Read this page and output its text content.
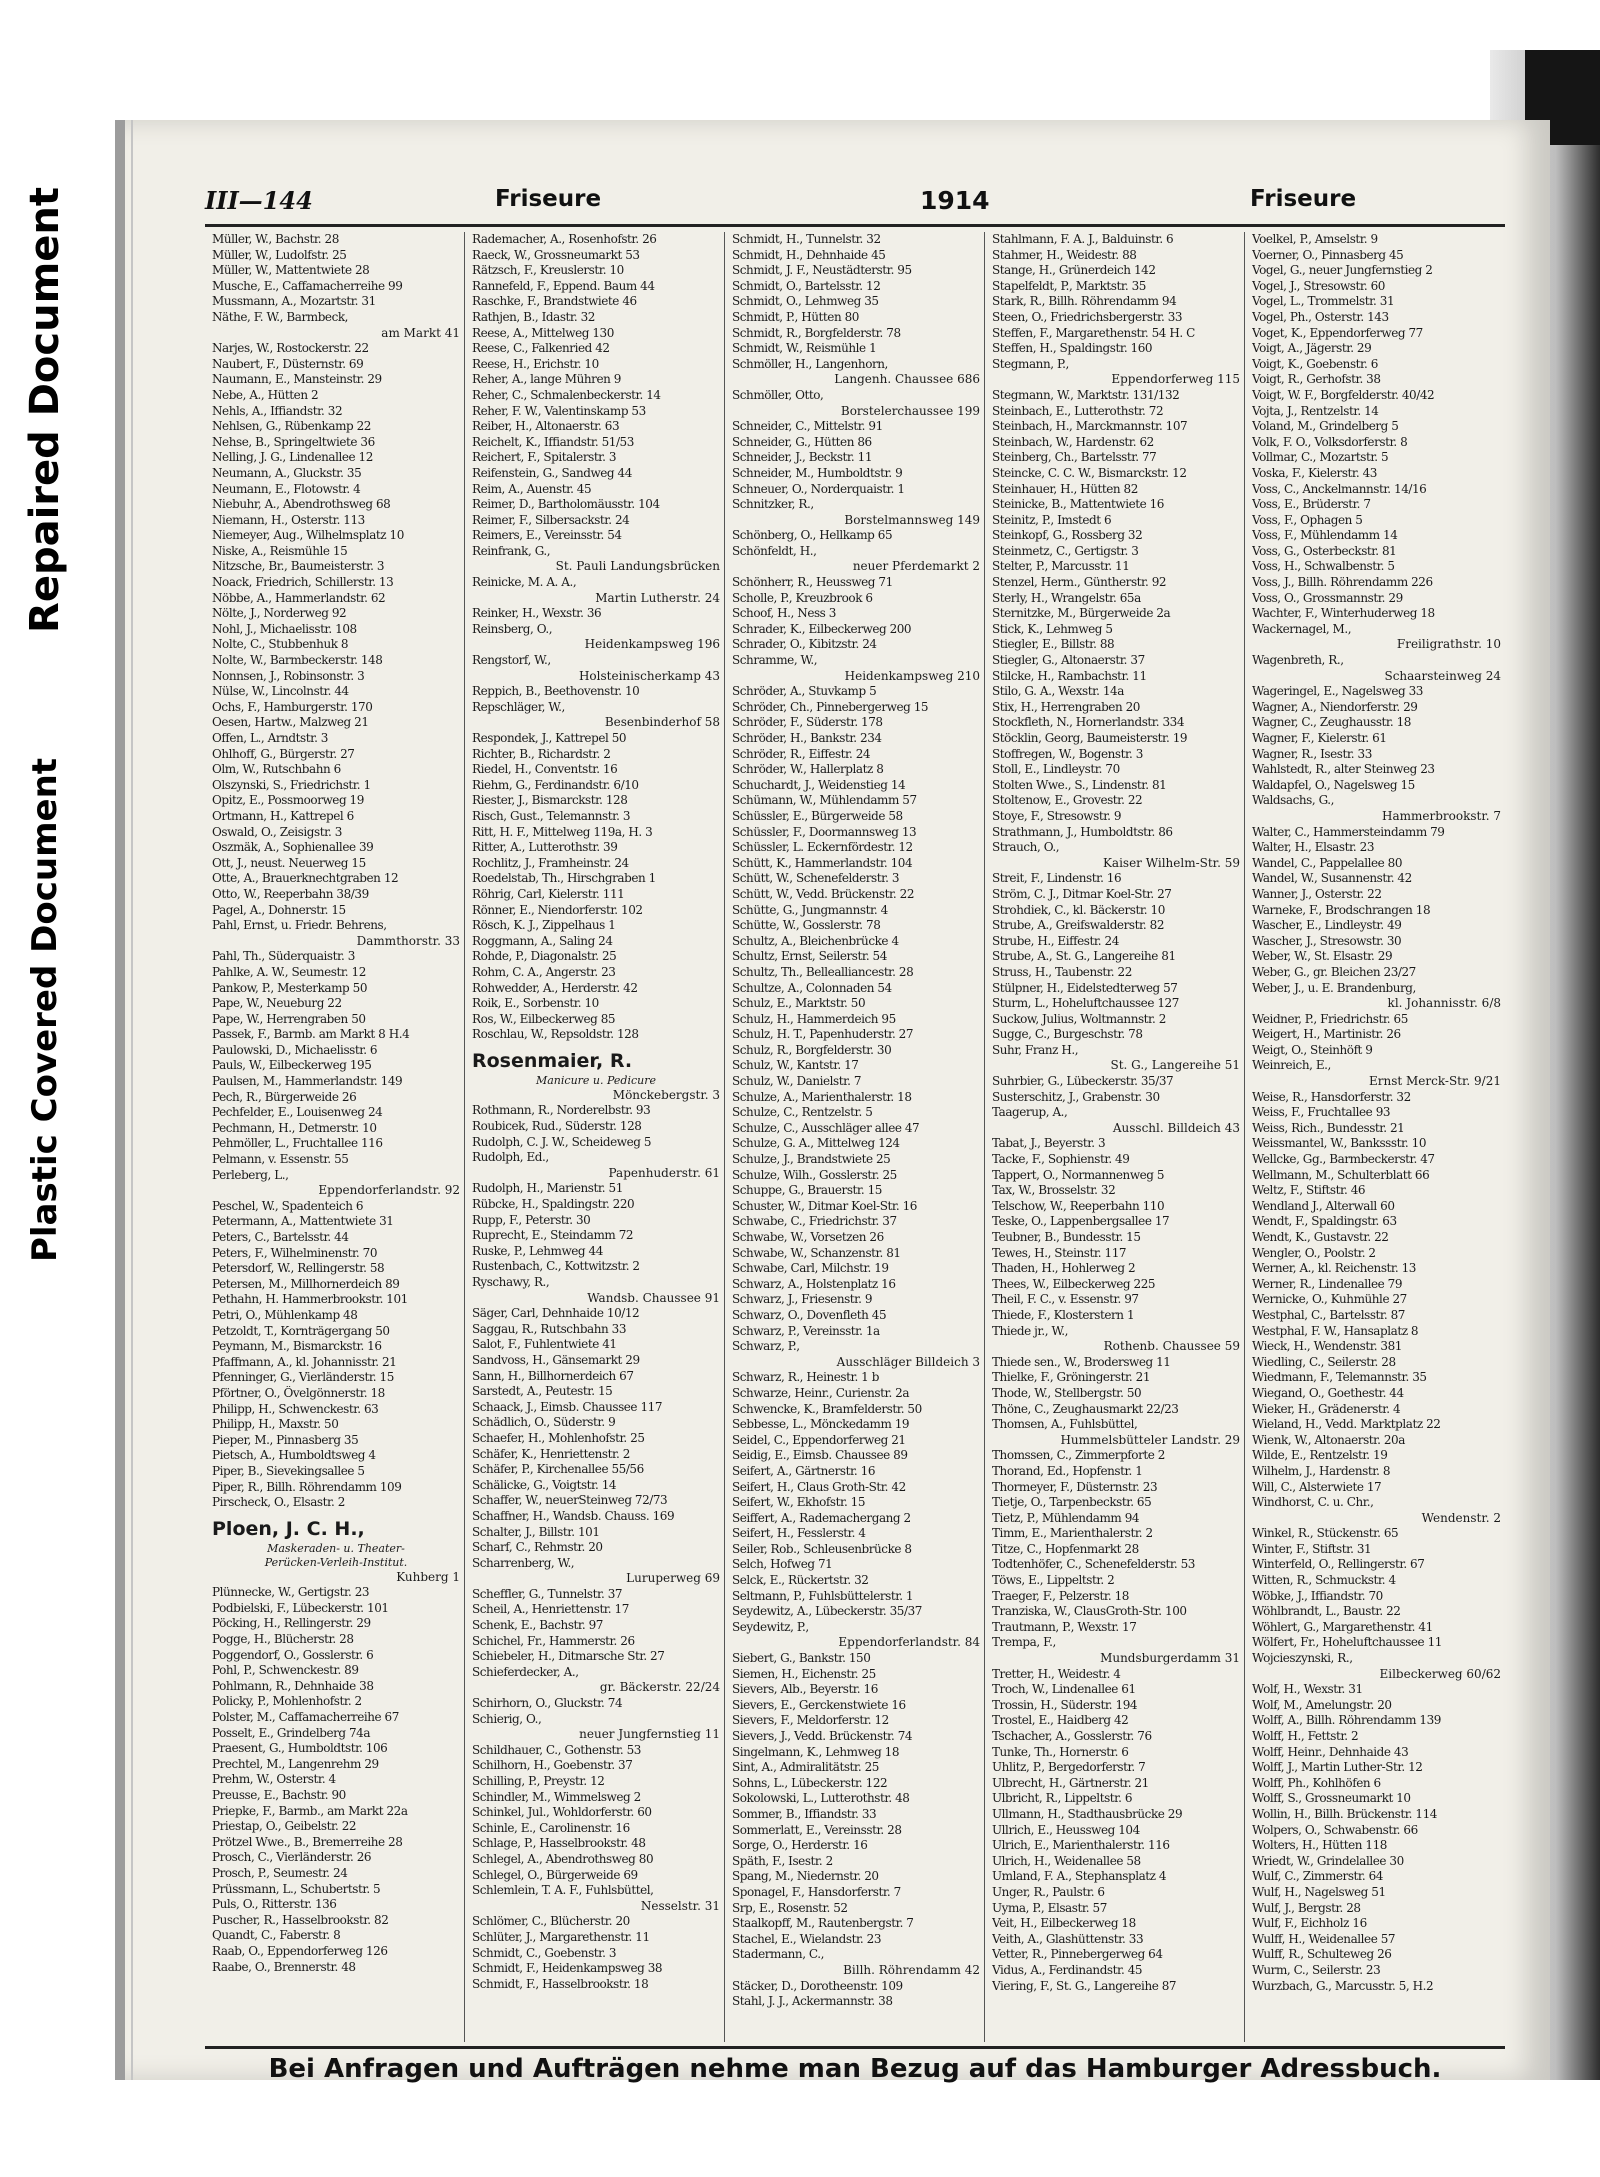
Repaired Document
Plastic Covered Document
III—144	Friseure	1914	Friseure
Müller, W., Bachstr. 28
Müller, W., Ludolfstr. 25
Müller, W., Mattentwiete 28
Musche, E., Caffamacherreihe 99
Mussmann, A., Mozartstr. 31
Näthe, F. W., Barmbeck,
am Markt 41
Narjes, W., Rostockerstr. 22
Naubert, F., Düsternstr. 69
Naumann, E., Mansteinstr. 29
Nebe, A., Hütten 2
Nehls, A., Iffiandstr. 32
Nehlsen, G., Rübenkamp 22
Nehse, B., Springeltwiete 36
Nelling, J. G., Lindenallee 12
Neumann, A., Gluckstr. 35
Neumann, E., Flotowstr. 4
Niebuhr, A., Abendrothsweg 68
Niemann, H., Osterstr. 113
Niemeyer, Aug., Wilhelmsplatz 10
Niske, A., Reismühle 15
Nitzsche, Br., Baumeisterstr. 3
Noack, Friedrich, Schillerstr. 13
Nöbbe, A., Hammerlandstr. 62
Nölte, J., Norderweg 92
Nohl, J., Michaelisstr. 108
Nolte, C., Stubbenhuk 8
Nolte, W., Barmbeckerstr. 148
Nonnsen, J., Robinsonstr. 3
Nülse, W., Lincolnstr. 44
Ochs, F., Hamburgerstr. 170
Oesen, Hartw., Malzweg 21
Offen, L., Arndtstr. 3
Ohlhoff, G., Bürgerstr. 27
Olm, W., Rutschbahn 6
Olszynski, S., Friedrichstr. 1
Opitz, E., Possmoorweg 19
Ortmann, H., Kattrepel 6
Oswald, O., Zeisigstr. 3
Oszmäk, A., Sophienallee 39
Ott, J., neust. Neuerweg 15
Otte, A., Brauerknechtgraben 12
Otto, W., Reeperbahn 38/39
Pagel, A., Dohnerstr. 15
Pahl, Ernst, u. Friedr. Behrens,
Dammthorstr. 33
Pahl, Th., Süderquaistr. 3
Pahlke, A. W., Seumestr. 12
Pankow, P., Mesterkamp 50
Pape, W., Neueburg 22
Pape, W., Herrengraben 50
Passek, F., Barmb. am Markt 8 H.4
Paulowski, D., Michaelisstr. 6
Pauls, W., Eilbeckerweg 195
Paulsen, M., Hammerlandstr. 149
Pech, R., Bürgerweide 26
Pechfelder, E., Louisenweg 24
Pechmann, H., Detmerstr. 10
Pehmöller, L., Fruchtallee 116
Pelmann, v. Essenstr. 55
Perleberg, L.,
Eppendorferlandstr. 92
Peschel, W., Spadenteich 6
Petermann, A., Mattentwiete 31
Peters, C., Bartelsstr. 44
Peters, F., Wilhelminenstr. 70
Petersdorf, W., Rellingerstr. 58
Petersen, M., Millhornerdeich 89
Pethahn, H. Hammerbrookstr. 101
Petri, O., Mühlenkamp 48
Petzoldt, T., Kornträgergang 50
Peymann, M., Bismarckstr. 16
Pfaffmann, A., kl. Johannisstr. 21
Pfenninger, G., Vierländerstr. 15
Pförtner, O., Övelgönnerstr. 18
Philipp, H., Schwenckestr. 63
Philipp, H., Maxstr. 50
Pieper, M., Pinnasberg 35
Pietsch, A., Humboldtsweg 4
Piper, B., Sievekingsallee 5
Piper, R., Billh. Röhrendamm 109
Pirscheck, O., Elsastr. 2
Ploen, J. C. H.,
Maskeraden- u. Theater-
Perücken-Verleih-Institut.
Kuhberg 1
Plünnecke, W., Gertigstr. 23
Podbielski, F., Lübeckerstr. 101
Pöcking, H., Rellingerstr. 29
Pogge, H., Blücherstr. 28
Poggendorf, O., Gosslerstr. 6
Pohl, P., Schwenckestr. 89
Pohlmann, R., Dehnhaide 38
Policky, P., Mohlenhofstr. 2
Polster, M., Caffamacherreihe 67
Posselt, E., Grindelberg 74a
Praesent, G., Humboldtstr. 106
Prechtel, M., Langenrehm 29
Prehm, W., Osterstr. 4
Preusse, E., Bachstr. 90
Priepke, F., Barmb., am Markt 22a
Priestap, O., Geibelstr. 22
Prötzel Wwe., B., Bremerreihe 28
Prosch, C., Vierländerstr. 26
Prosch, P., Seumestr. 24
Prüssmann, L., Schubertstr. 5
Puls, O., Ritterstr. 136
Puscher, R., Hasselbrookstr. 82
Quandt, C., Faberstr. 8
Raab, O., Eppendorferweg 126
Raabe, O., Brennerstr. 48
Rademacher, A., Rosenhofstr. 26
Raeck, W., Grossneumarkt 53
Rätzsch, F., Kreuslerstr. 10
Rannefeld, F., Eppend. Baum 44
Raschke, F., Brandstwiete 46
Rathjen, B., Idastr. 32
Reese, A., Mittelweg 130
Reese, C., Falkenried 42
Reese, H., Erichstr. 10
Reher, A., lange Mühren 9
Reher, C., Schmalenbeckerstr. 14
Reher, F. W., Valentinskamp 53
Reiber, H., Altonaerstr. 63
Reichelt, K., Iffiandstr. 51/53
Reichert, F., Spitalerstr. 3
Reifenstein, G., Sandweg 44
Reim, A., Auenstr. 45
Reimer, D., Bartholomäusstr. 104
Reimer, F., Silbersackstr. 24
Reimers, E., Vereinsstr. 54
Reinfrank, G.,
St. Pauli Landungsbrücken
Reinicke, M. A. A.,
Martin Lutherstr. 24
Reinker, H., Wexstr. 36
Reinsberg, O.,
Heidenkampsweg 196
Rengstorf, W.,
Holsteinischerkamp 43
Reppich, B., Beethovenstr. 10
Repschläger, W.,
Besenbinderhof 58
Respondek, J., Kattrepel 50
Richter, B., Richardstr. 2
Riedel, H., Conventstr. 16
Riehm, G., Ferdinandstr. 6/10
Riester, J., Bismarckstr. 128
Risch, Gust., Telemannstr. 3
Ritt, H. F., Mittelweg 119a, H. 3
Ritter, A., Lutterothstr. 39
Rochlitz, J., Framheinstr. 24
Roedelstab, Th., Hirschgraben 1
Röhrig, Carl, Kielerstr. 111
Rönner, E., Niendorferstr. 102
Rösch, K. J., Zippelhaus 1
Roggmann, A., Saling 24
Rohde, P., Diagonalstr. 25
Rohm, C. A., Angerstr. 23
Rohwedder, A., Herderstr. 42
Roik, E., Sorbenstr. 10
Ros, W., Eilbeckerweg 85
Roschlau, W., Repsoldstr. 128
Rosenmaier, R.
Manicure u. Pedicure
Mönckebergstr. 3
Rothmann, R., Norderelbstr. 93
Roubicek, Rud., Süderstr. 128
Rudolph, C. J. W., Scheideweg 5
Rudolph, Ed.,
Papenhuderstr. 61
Rudolph, H., Marienstr. 51
Rübcke, H., Spaldingstr. 220
Rupp, F., Peterstr. 30
Ruprecht, E., Steindamm 72
Ruske, P., Lehmweg 44
Rustenbach, C., Kottwitzstr. 2
Ryschawy, R.,
Wandsb. Chaussee 91
Säger, Carl, Dehnhaide 10/12
Saggau, R., Rutschbahn 33
Salot, F., Fuhlentwiete 41
Sandvoss, H., Gänsemarkt 29
Sann, H., Billhornerdeich 67
Sarstedt, A., Peutestr. 15
Schaack, J., Eimsb. Chaussee 117
Schädlich, O., Süderstr. 9
Schaefer, H., Mohlenhofstr. 25
Schäfer, K., Henriettenstr. 2
Schäfer, P., Kirchenallee 55/56
Schälicke, G., Voigtstr. 14
Schaffer, W., neuerSteinweg 72/73
Schaffner, H., Wandsb. Chauss. 169
Schalter, J., Billstr. 101
Scharf, C., Rehmstr. 20
Scharrenberg, W.,
Luruperweg 69
Scheffler, G., Tunnelstr. 37
Scheil, A., Henriettenstr. 17
Schenk, E., Bachstr. 97
Schichel, Fr., Hammerstr. 26
Schiebeler, H., Ditmarsche Str. 27
Schieferdecker, A.,
gr. Bäckerstr. 22/24
Schirhorn, O., Gluckstr. 74
Schierig, O.,
neuer Jungfernstieg 11
Schildhauer, C., Gothenstr. 53
Schilhorn, H., Goebenstr. 37
Schilling, P., Preystr. 12
Schindler, M., Wimmelsweg 2
Schinkel, Jul., Wohldorferstr. 60
Schinle, E., Carolinenstr. 16
Schlage, P., Hasselbrookstr. 48
Schlegel, A., Abendrothsweg 80
Schlegel, O., Bürgerweide 69
Schlemlein, T. A. F., Fuhlsbüttel,
Nesselstr. 31
Schlömer, C., Blücherstr. 20
Schlüter, J., Margarethenstr. 11
Schmidt, C., Goebenstr. 3
Schmidt, F., Heidenkampsweg 38
Schmidt, F., Hasselbrookstr. 18
Schmidt, H., Tunnelstr. 32
Schmidt, H., Dehnhaide 45
Schmidt, J. F., Neustädterstr. 95
Schmidt, O., Bartelsstr. 12
Schmidt, O., Lehmweg 35
Schmidt, P., Hütten 80
Schmidt, R., Borgfelderstr. 78
Schmidt, W., Reismühle 1
Schmöller, H., Langenhorn,
Langenh. Chaussee 686
Schmöller, Otto,
Borstelerchaussee 199
Schneider, C., Mittelstr. 91
Schneider, G., Hütten 86
Schneider, J., Beckstr. 11
Schneider, M., Humboldtstr. 9
Schneuer, O., Norderquaistr. 1
Schnitzker, R.,
Borstelmannsweg 149
Schönberg, O., Hellkamp 65
Schönfeldt, H.,
neuer Pferdemarkt 2
Schönherr, R., Heussweg 71
Scholle, P., Kreuzbrook 6
Schoof, H., Ness 3
Schrader, K., Eilbeckerweg 200
Schrader, O., Kibitzstr. 24
Schramme, W.,
Heidenkampsweg 210
Schröder, A., Stuvkamp 5
Schröder, Ch., Pinnebergerweg 15
Schröder, F., Süderstr. 178
Schröder, H., Bankstr. 234
Schröder, R., Eiffestr. 24
Schröder, W., Hallerplatz 8
Schuchardt, J., Weidenstieg 14
Schümann, W., Mühlendamm 57
Schüssler, E., Bürgerweide 58
Schüssler, F., Doormannsweg 13
Schüssler, L. Eckernfördestr. 12
Schütt, K., Hammerlandstr. 104
Schütt, W., Schenefelderstr. 3
Schütt, W., Vedd. Brückenstr. 22
Schütte, G., Jungmannstr. 4
Schütte, W., Gosslerstr. 78
Schultz, A., Bleichenbrücke 4
Schultz, Ernst, Seilerstr. 54
Schultz, Th., Bellealliancestr. 28
Schultze, A., Colonnaden 54
Schulz, E., Marktstr. 50
Schulz, H., Hammerdeich 95
Schulz, H. T., Papenhuderstr. 27
Schulz, R., Borgfelderstr. 30
Schulz, W., Kantstr. 17
Schulz, W., Danielstr. 7
Schulze, A., Marienthalerstr. 18
Schulze, C., Rentzelstr. 5
Schulze, C., Ausschläger allee 47
Schulze, G. A., Mittelweg 124
Schulze, J., Brandstwiete 25
Schulze, Wilh., Gosslerstr. 25
Schuppe, G., Brauerstr. 15
Schuster, W., Ditmar Koel-Str. 16
Schwabe, C., Friedrichstr. 37
Schwabe, W., Vorsetzen 26
Schwabe, W., Schanzenstr. 81
Schwabe, Carl, Milchstr. 19
Schwarz, A., Holstenplatz 16
Schwarz, J., Friesenstr. 9
Schwarz, O., Dovenfleth 45
Schwarz, P., Vereinsstr. 1a
Schwarz, P.,
Ausschläger Billdeich 3
Schwarz, R., Heinestr. 1 b
Schwarze, Heinr., Curienstr. 2a
Schwencke, K., Bramfelderstr. 50
Sebbesse, L., Mönckedamm 19
Seidel, C., Eppendorferweg 21
Seidig, E., Eimsb. Chaussee 89
Seifert, A., Gärtnerstr. 16
Seifert, H., Claus Groth-Str. 42
Seifert, W., Ekhofstr. 15
Seiffert, A., Rademachergang 2
Seifert, H., Fesslerstr. 4
Seiler, Rob., Schleusenbrücke 8
Selch, Hofweg 71
Selck, E., Rückertstr. 32
Seltmann, P., Fuhlsbüttelerstr. 1
Seydewitz, A., Lübeckerstr. 35/37
Seydewitz, P.,
Eppendorferlandstr. 84
Siebert, G., Bankstr. 150
Siemen, H., Eichenstr. 25
Sievers, Alb., Beyerstr. 16
Sievers, E., Gerckenstwiete 16
Sievers, F., Meldorferstr. 12
Sievers, J., Vedd. Brückenstr. 74
Singelmann, K., Lehmweg 18
Sint, A., Admiralitätstr. 25
Sohns, L., Lübeckerstr. 122
Sokolowski, L., Lutterothstr. 48
Sommer, B., Iffiandstr. 33
Sommerlatt, E., Vereinsstr. 28
Sorge, O., Herderstr. 16
Späth, F., Isestr. 2
Spang, M., Niedernstr. 20
Sponagel, F., Hansdorferstr. 7
Srp, E., Rosenstr. 52
Staalkopff, M., Rautenbergstr. 7
Stachel, E., Wielandstr. 23
Stadermann, C.,
Billh. Röhrendamm 42
Stäcker, D., Dorotheenstr. 109
Stahl, J. J., Ackermannstr. 38
Stahlmann, F. A. J., Balduinstr. 6
Stahmer, H., Weidestr. 88
Stange, H., Grünerdeich 142
Stapelfeldt, P., Marktstr. 35
Stark, R., Billh. Röhrendamm 94
Steen, O., Friedrichsbergerstr. 33
Steffen, F., Margarethenstr. 54 H. C
Steffen, H., Spaldingstr. 160
Stegmann, P.,
Eppendorferweg 115
Stegmann, W., Marktstr. 131/132
Steinbach, E., Lutterothstr. 72
Steinbach, H., Marckmannstr. 107
Steinbach, W., Hardenstr. 62
Steinberg, Ch., Bartelsstr. 77
Steincke, C. C. W., Bismarckstr. 12
Steinhauer, H., Hütten 82
Steinicke, B., Mattentwiete 16
Steinitz, P., Imstedt 6
Steinkopf, G., Rossberg 32
Steinmetz, C., Gertigstr. 3
Stelter, P., Marcusstr. 11
Stenzel, Herm., Güntherstr. 92
Sterly, H., Wrangelstr. 65a
Sternitzke, M., Bürgerweide 2a
Stick, K., Lehmweg 5
Stiegler, E., Billstr. 88
Stiegler, G., Altonaerstr. 37
Stilcke, H., Rambachstr. 11
Stilo, G. A., Wexstr. 14a
Stix, H., Herrengraben 20
Stockfleth, N., Hornerlandstr. 334
Stöcklin, Georg, Baumeisterstr. 19
Stoffregen, W., Bogenstr. 3
Stoll, E., Lindleystr. 70
Stolten Wwe., S., Lindenstr. 81
Stoltenow, E., Grovestr. 22
Stoye, F., Stresowstr. 9
Strathmann, J., Humboldtstr. 86
Strauch, O.,
Kaiser Wilhelm-Str. 59
Streit, F., Lindenstr. 16
Ström, C. J., Ditmar Koel-Str. 27
Strohdiek, C., kl. Bäckerstr. 10
Strube, A., Greifswalderstr. 82
Strube, H., Eiffestr. 24
Strube, A., St. G., Langereihe 81
Struss, H., Taubenstr. 22
Stülpner, H., Eidelstedterweg 57
Sturm, L., Hoheluftchaussee 127
Suckow, Julius, Woltmannstr. 2
Sugge, C., Burgeschstr. 78
Suhr, Franz H.,
St. G., Langereihe 51
Suhrbier, G., Lübeckerstr. 35/37
Susterschitz, J., Grabenstr. 30
Taagerup, A.,
Ausschl. Billdeich 43
Tabat, J., Beyerstr. 3
Tacke, F., Sophienstr. 49
Tappert, O., Normannenweg 5
Tax, W., Brosselstr. 32
Telschow, W., Reeperbahn 110
Teske, O., Lappenbergsallee 17
Teubner, B., Bundesstr. 15
Tewes, H., Steinstr. 117
Thaden, H., Hohlerweg 2
Thees, W., Eilbeckerweg 225
Theil, F. C., v. Essenstr. 97
Thiede, F., Klosterstern 1
Thiede jr., W.,
Rothenb. Chaussee 59
Thiede sen., W., Brodersweg 11
Thielke, F., Gröningerstr. 21
Thode, W., Stellbergstr. 50
Thöne, C., Zeughausmarkt 22/23
Thomsen, A., Fuhlsbüttel,
Hummelsbütteler Landstr. 29
Thomssen, C., Zimmerpforte 2
Thorand, Ed., Hopfenstr. 1
Thormeyer, F., Düsternstr. 23
Tietje, O., Tarpenbeckstr. 65
Tietz, P., Mühlendamm 94
Timm, E., Marienthalerstr. 2
Titze, C., Hopfenmarkt 28
Todtenhöfer, C., Schenefelderstr. 53
Töws, E., Lippeltstr. 2
Traeger, F., Pelzerstr. 18
Tranziska, W., ClausGroth-Str. 100
Trautmann, P., Wexstr. 17
Trempa, F.,
Mundsburgerdamm 31
Tretter, H., Weidestr. 4
Troch, W., Lindenallee 61
Trossin, H., Süderstr. 194
Trostel, E., Haidberg 42
Tschacher, A., Gosslerstr. 76
Tunke, Th., Hornerstr. 6
Uhlitz, P., Bergedorferstr. 7
Ulbrecht, H., Gärtnerstr. 21
Ulbricht, R., Lippeltstr. 6
Ullmann, H., Stadthausbrücke 29
Ullrich, E., Heussweg 104
Ulrich, E., Marienthalerstr. 116
Ulrich, H., Weidenallee 58
Umland, F. A., Stephansplatz 4
Unger, R., Paulstr. 6
Uyma, P., Elsastr. 57
Veit, H., Eilbeckerweg 18
Veith, A., Glashüttenstr. 33
Vetter, R., Pinnebergerweg 64
Vidus, A., Ferdinandstr. 45
Viering, F., St. G., Langereihe 87
Voelkel, P., Amselstr. 9
Voerner, O., Pinnasberg 45
Vogel, G., neuer Jungfernstieg 2
Vogel, J., Stresowstr. 60
Vogel, L., Trommelstr. 31
Vogel, Ph., Osterstr. 143
Voget, K., Eppendorferweg 77
Voigt, A., Jägerstr. 29
Voigt, K., Goebenstr. 6
Voigt, R., Gerhofstr. 38
Voigt, W. F., Borgfelderstr. 40/42
Vojta, J., Rentzelstr. 14
Voland, M., Grindelberg 5
Volk, F. O., Volksdorferstr. 8
Vollmar, C., Mozartstr. 5
Voska, F., Kielerstr. 43
Voss, C., Anckelmannstr. 14/16
Voss, E., Brüderstr. 7
Voss, F., Ophagen 5
Voss, F., Mühlendamm 14
Voss, G., Osterbeckstr. 81
Voss, H., Schwalbenstr. 5
Voss, J., Billh. Röhrendamm 226
Voss, O., Grossmannstr. 29
Wachter, F., Winterhuderweg 18
Wackernagel, M.,
Freiligrathstr. 10
Wagenbreth, R.,
Schaarsteinweg 24
Wageringel, E., Nagelsweg 33
Wagner, A., Niendorferstr. 29
Wagner, C., Zeughausstr. 18
Wagner, F., Kielerstr. 61
Wagner, R., Isestr. 33
Wahlstedt, R., alter Steinweg 23
Waldapfel, O., Nagelsweg 15
Waldsachs, G.,
Hammerbrookstr. 7
Walter, C., Hammersteindamm 79
Walter, H., Elsastr. 23
Wandel, C., Pappelallee 80
Wandel, W., Susannenstr. 42
Wanner, J., Osterstr. 22
Warneke, F., Brodschrangen 18
Wascher, E., Lindleystr. 49
Wascher, J., Stresowstr. 30
Weber, W., St. Elsastr. 29
Weber, G., gr. Bleichen 23/27
Weber, J., u. E. Brandenburg,
kl. Johannisstr. 6/8
Weidner, P., Friedrichstr. 65
Weigert, H., Martinistr. 26
Weigt, O., Steinhöft 9
Weinreich, E.,
Ernst Merck-Str. 9/21
Weise, R., Hansdorferstr. 32
Weiss, F., Fruchtallee 93
Weiss, Rich., Bundesstr. 21
Weissmantel, W., Bankssstr. 10
Wellcke, Gg., Barmbeckerstr. 47
Wellmann, M., Schulterblatt 66
Weltz, F., Stiftstr. 46
Wendland J., Alterwall 60
Wendt, F., Spaldingstr. 63
Wendt, K., Gustavstr. 22
Wengler, O., Poolstr. 2
Werner, A., kl. Reichenstr. 13
Werner, R., Lindenallee 79
Wernicke, O., Kuhmühle 27
Westphal, C., Bartelsstr. 87
Westphal, F. W., Hansaplatz 8
Wieck, H., Wendenstr. 381
Wiedling, C., Seilerstr. 28
Wiedmann, F., Telemannstr. 35
Wiegand, O., Goethestr. 44
Wieker, H., Grädenerstr. 4
Wieland, H., Vedd. Marktplatz 22
Wienk, W., Altonaerstr. 20a
Wilde, E., Rentzelstr. 19
Wilhelm, J., Hardenstr. 8
Will, C., Alsterwiete 17
Windhorst, C. u. Chr.,
Wendenstr. 2
Winkel, R., Stückenstr. 65
Winter, F., Stiftstr. 31
Winterfeld, O., Rellingerstr. 67
Witten, R., Schmuckstr. 4
Wöbke, J., Iffiandstr. 70
Wöhlbrandt, L., Baustr. 22
Wöhlert, G., Margarethenstr. 41
Wölfert, Fr., Hoheluftchaussee 11
Wojcieszynski, R.,
Eilbeckerweg 60/62
Wolf, H., Wexstr. 31
Wolf, M., Amelungstr. 20
Wolff, A., Billh. Röhrendamm 139
Wolff, H., Fettstr. 2
Wolff, Heinr., Dehnhaide 43
Wolff, J., Martin Luther-Str. 12
Wolff, Ph., Kohlhöfen 6
Wolff, S., Grossneumarkt 10
Wollin, H., Billh. Brückenstr. 114
Wolpers, O., Schwabenstr. 66
Wolters, H., Hütten 118
Wriedt, W., Grindelallee 30
Wulf, C., Zimmerstr. 64
Wulf, H., Nagelsweg 51
Wulf, J., Bergstr. 28
Wulf, F., Eichholz 16
Wulff, H., Weidenallee 57
Wulff, R., Schulteweg 26
Wurm, C., Seilerstr. 23
Wurzbach, G., Marcusstr. 5, H.2
Bei Anfragen und Aufträgen nehme man Bezug auf das Hamburger Adressbuch.
